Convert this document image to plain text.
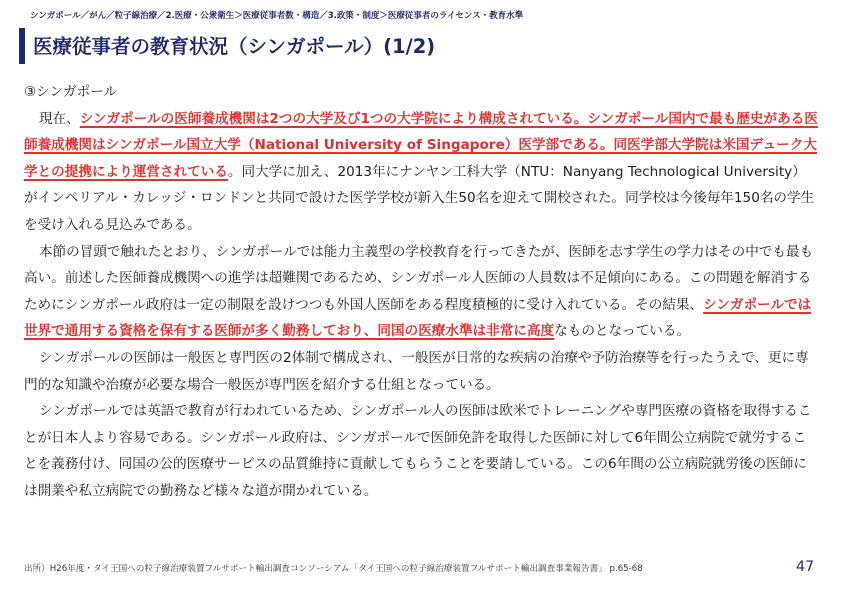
シンガポール／がん／粒子線治療／2.医療・公衆衛生＞医療従事者数・構造／3.政策・制度＞医療従事者のライセンス・教育水準
医療従事者の教育状況（シンガポール）(1/2)

③シンガポール

現在、シンガポールの医師養成機関は2つの大学及び1つの大学院により構成されている。シンガポール国内で最も歴史がある医師養成機関はシンガポール国立大学（National University of Singapore）医学部である。同医学部大学院は米国デューク大学との提携により運営されている。同大学に加え、2013年にナンヤン工科大学（NTU：Nanyang Technological University）がインペリアル・カレッジ・ロンドンと共同で設けた医学学校が新入生50名を迎えて開校された。同学校は今後毎年150名の学生を受け入れる見込みである。

本節の冒頭で触れたとおり、シンガポールでは能力主義型の学校教育を行ってきたが、医師を志す学生の学力はその中でも最も高い。前述した医師養成機関への進学は超難関であるため、シンガポール人医師の人員数は不足傾向にある。この問題を解消するためにシンガポール政府は一定の制限を設けつつも外国人医師をある程度積極的に受け入れている。その結果、シンガポールでは世界で通用する資格を保有する医師が多く勤務しており、同国の医療水準は非常に高度なものとなっている。

シンガポールの医師は一般医と専門医の2体制で構成され、一般医が日常的な疾病の治療や予防治療等を行ったうえで、更に専門的な知識や治療が必要な場合一般医が専門医を紹介する仕組となっている。

シンガポールでは英語で教育が行われているため、シンガポール人の医師は欧米でトレーニングや専門医療の資格を取得することが日本人より容易である。シンガポール政府は、シンガポールで医師免許を取得した医師に対して6年間公立病院で就労することを義務付け、同国の公的医療サービスの品質維持に貢献してもらうことを要請している。この6年間の公立病院就労後の医師には開業や私立病院での勤務など様々な道が開かれている。

出所）H26年度・タイ王国への粒子線治療装置フルサポート輸出調査コンソーシアム「タイ王国への粒子線治療装置フルサポート輸出調査事業報告書」 p.65-68	47
